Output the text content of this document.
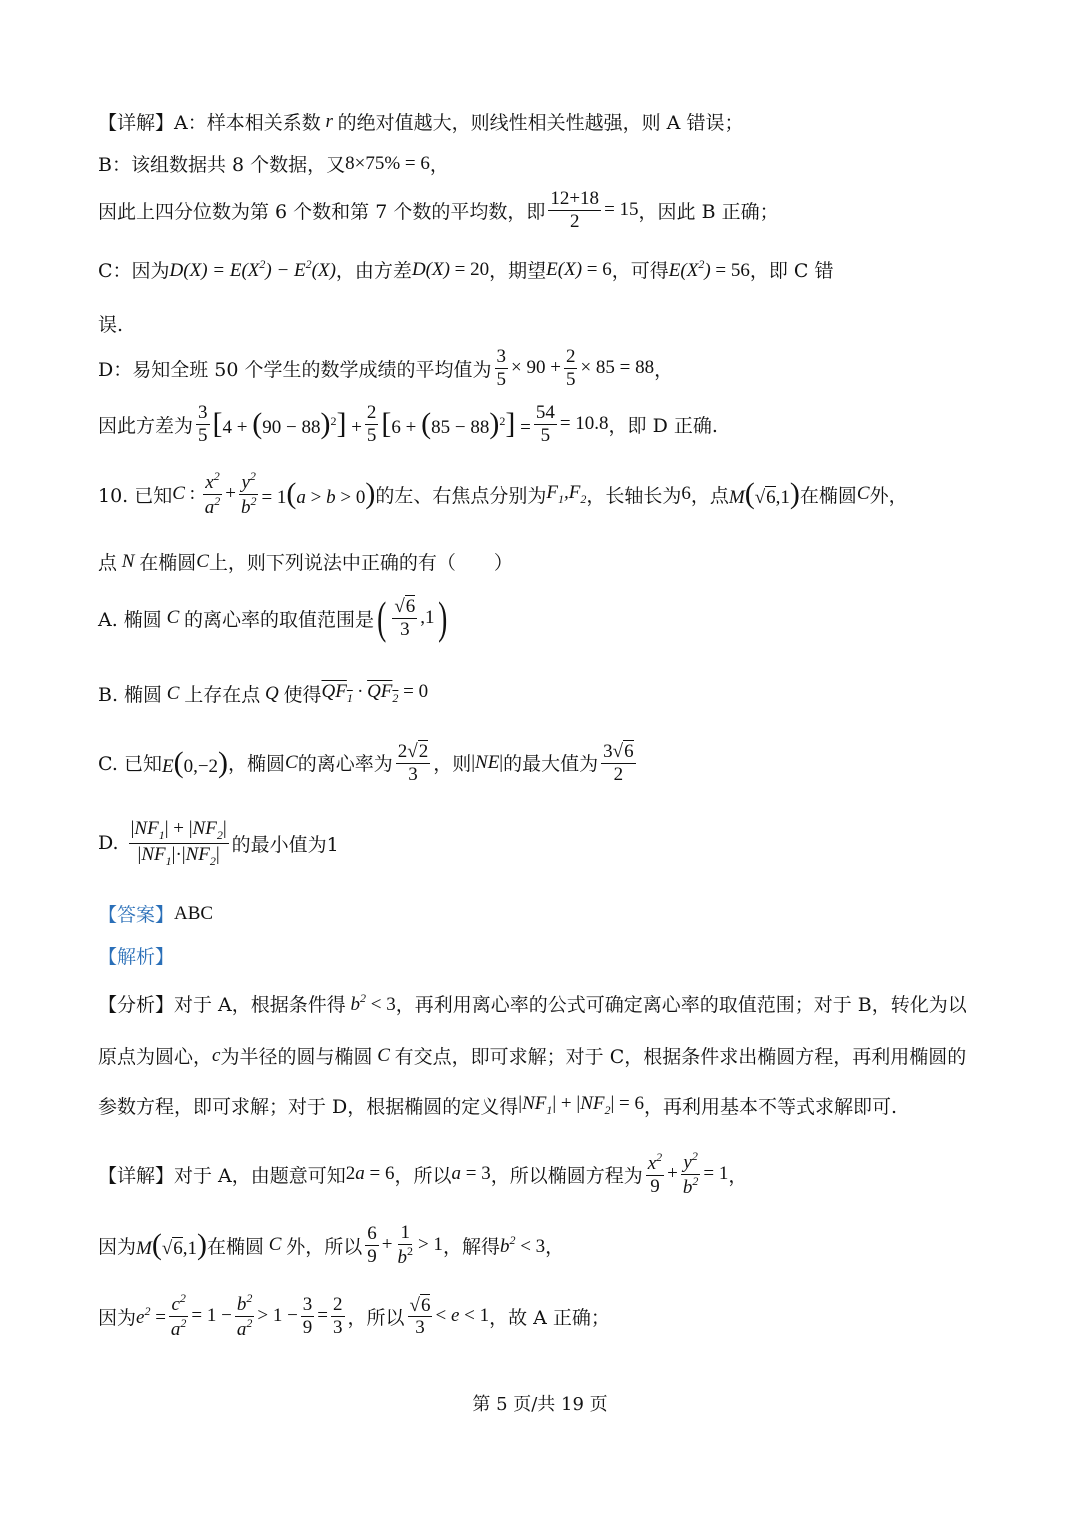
【详解】A：样本相关系数 r 的绝对值越大，则线性相关性越强，则 A 错误；
B：该组数据共 8 个数据，又 8×75% = 6 ，
因此上四分位数为第 6 个数和第 7 个数的平均数，即 $\frac{12+18}{2} = 15$ ，因此 B 正确；
C：因为 $D(X) = E(X^2) - E^2(X)$ ，由方差 D(X) = 20 ，期望 E(X) = 6 ，可得 $E(X^2) = 56$ ，即 C 错
误.
D：易知全班 50 个学生的数学成绩的平均值为 $\frac{3}{5} \times 90 + \frac{2}{5} \times 85 = 88$ ，
因此方差为 $\frac{3}{5} [4 + (90 - 88)^2] + \frac{2}{5} [6 + (85 - 88)^2] = \frac{54}{5} = 10.8$ ，即 D 正确.
10. 已知 C : $\frac{x^2}{a^2} + \frac{y^2}{b^2} = 1(a > b > 0)$ 的左、右焦点分别为 $F_1,F_2$ ，长轴长为 6 ，点 M(√6,1) 在椭圆 C 外，
点 N 在椭圆 C 上，则下列说法中正确的有（　　）
A. 椭圆 C 的离心率的取值范围是 ( $\frac{√6}{3} ,1$ )
B. 椭圆 C 上存在点 Q 使得 $QF_1 \cdot QF_2 = 0$
C. 已知 E(0,−2) ，椭圆 C 的离心率为 $\frac{2√2}{3}$ ，则 |NE| 的最大值为 $\frac{3√6}{2}$
D. $\frac{|NF_1| + |NF_2|}{|NF_1|\cdot|NF_2|}$ 的最小值为1
【答案】 ABC
【解析】
【分析】对于 A，根据条件得 $b^2 < 3$ ，再利用离心率的公式可确定离心率的取值范围；对于 B，转化为以
原点为圆心， c 为半径的圆与椭圆 C 有交点，即可求解；对于 C，根据条件求出椭圆方程，再利用椭圆的
参数方程，即可求解；对于 D，根据椭圆的定义得 $|NF_1| + |NF_2| = 6$ ，再利用基本不等式求解即可.
【详解】对于 A，由题意可知 2a = 6 ，所以 a = 3 ，所以椭圆方程为 $\frac{x^2}{9} + \frac{y^2}{b^2} = 1$ ，
因为 M(√6,1) 在椭圆 C 外，所以 $\frac{6}{9} + \frac{1}{b^2} > 1$ ，解得 $b^2 < 3$ ，
因为 $e^2 = \frac{c^2}{a^2} = 1 - \frac{b^2}{a^2} > 1 - \frac{3}{9} = \frac{2}{3}$ ，所以 $\frac{√6}{3} < e < 1$ ，故 A 正确；
第 5 页/共 19 页
